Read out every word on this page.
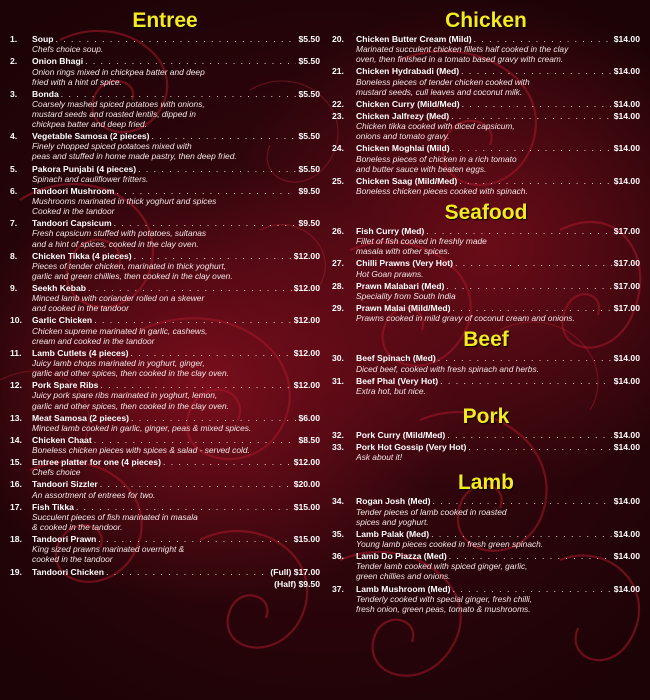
Entree
1.	Soup . . .	$5.50
Chefs choice soup.
2.	Onion Bhagi . . .	$5.50
Onion rings mixed in chickpea batter and deep
fried with a hint of spice.
3.	Bonda . . .	$5.50
Coarsely mashed spiced potatoes with onions,
mustard seeds and roasted lentils, dipped in
chickpea batter and deep fried.
4.	Vegetable Samosa (2 pieces) . . .	$5.50
Finely chopped spiced potatoes mixed with
peas and stuffed in home made pastry, then deep fried.
5.	Pakora Punjabi (4 pieces) . . .	$5.50
Spinach and cauliflower fritters.
6.	Tandoori Mushroom . . .	$9.50
Mushrooms marinated in thick yoghurt and spices
Cooked in the tandoor
7.	Tandoori Capsicum . . .	$9.50
Fresh capsicum stuffed with potatoes, sultanas
and a hint of spices, cooked in the clay oven.
8.	Chicken Tikka (4 pieces) . . .	$12.00
Pieces of tender chicken, marinated in thick yoghurt,
garlic and green chillies, then cooked in the clay oven.
9.	Seekh Kebab . . .	$12.00
Minced lamb with coriander rolled on a skewer
and cooked in the tandoor
10.	Garlic Chicken . . .	$12.00
Chicken supreme marinated in garlic, cashews,
cream and cooked in the tandoor
11.	Lamb Cutlets (4 pieces) . . .	$12.00
Juicy lamb chops marinated in yoghurt, ginger,
garlic and other spices, then cooked in the clay oven.
12.	Pork Spare Ribs . . .	$12.00
Juicy pork spare ribs marinated in yoghurt, lemon,
garlic and other spices, then cooked in the clay oven.
13.	Meat Samosa (2 pieces) . . .	$6.00
Minced lamb cooked in garlic, ginger, peas & mixed spices.
14.	Chicken Chaat . . .	$8.50
Boneless chicken pieces with spices & salad - served cold.
15.	Entree platter for one (4 pieces) . . .	$12.00
Chefs choice
16.	Tandoori Sizzler . . .	$20.00
An assortment of entrees for two.
17.	Fish Tikka . . .	$15.00
Succulent pieces of fish marinated in masala
& cooked in the tandoor.
18.	Tandoori Prawn . . .	$15.00
King sized prawns marinated overnight &
cooked in the tandoor
19.	Tandoori Chicken . . .	(Full) $17.00
(Half) $9.50
Chicken
20.	Chicken Butter Cream (Mild) . . .	$14.00
Marinated succulent chicken fillets half cooked in the clay
oven, then finished in a tomato based gravy with cream.
21.	Chicken Hydrabadi (Med) . . .	$14.00
Boneless pieces of tender chicken cooked with
mustard seeds, cull leaves and coconut milk.
22.	Chicken Curry (Mild/Med) . . .	$14.00
23.	Chicken Jalfrezy (Med) . . .	$14.00
Chicken tikka cooked with diced capsicum,
onions and tomato gravy.
24.	Chicken Moghlai (Mild) . . .	$14.00
Boneless pieces of chicken in a rich tomato
and butter sauce with beaten eggs.
25.	Chicken Saag (Mild/Med) . . .	$14.00
Boneless chicken pieces cooked with spinach.
Seafood
26.	Fish Curry (Med) . . .	$17.00
Fillet of fish cooked in freshly made
masala with other spices.
27.	Chilli Prawns (Very Hot) . . .	$17.00
Hot Goan prawns.
28.	Prawn Malabari (Med) . . .	$17.00
Speciality from South India
29.	Prawn Malai (Mild/Med) . . .	$17.00
Prawns cooked in mild gravy of coconut cream and onions.
Beef
30.	Beef Spinach (Med) . . .	$14.00
Diced beef, cooked with fresh spinach and herbs.
31.	Beef Phal (Very Hot) . . .	$14.00
Extra hot, but nice.
Pork
32.	Pork Curry (Mild/Med) . . .	$14.00
33.	Pork Hot Gossip (Very Hot) . . .	$14.00
Ask about it!
Lamb
34.	Rogan Josh (Med) . . .	$14.00
Tender pieces of lamb cooked in roasted
spices and yoghurt.
35.	Lamb Palak (Med) . . .	$14.00
Young lamb pieces cooked in fresh green spinach.
36.	Lamb Do Piazza (Med) . . .	$14.00
Tender lamb cooked with spiced ginger, garlic,
green chillies and onions.
37.	Lamb Mushroom (Med) . . .	$14.00
Tenderly cooked with special ginger, fresh chilli,
fresh onion, green peas, tomato & mushrooms.
